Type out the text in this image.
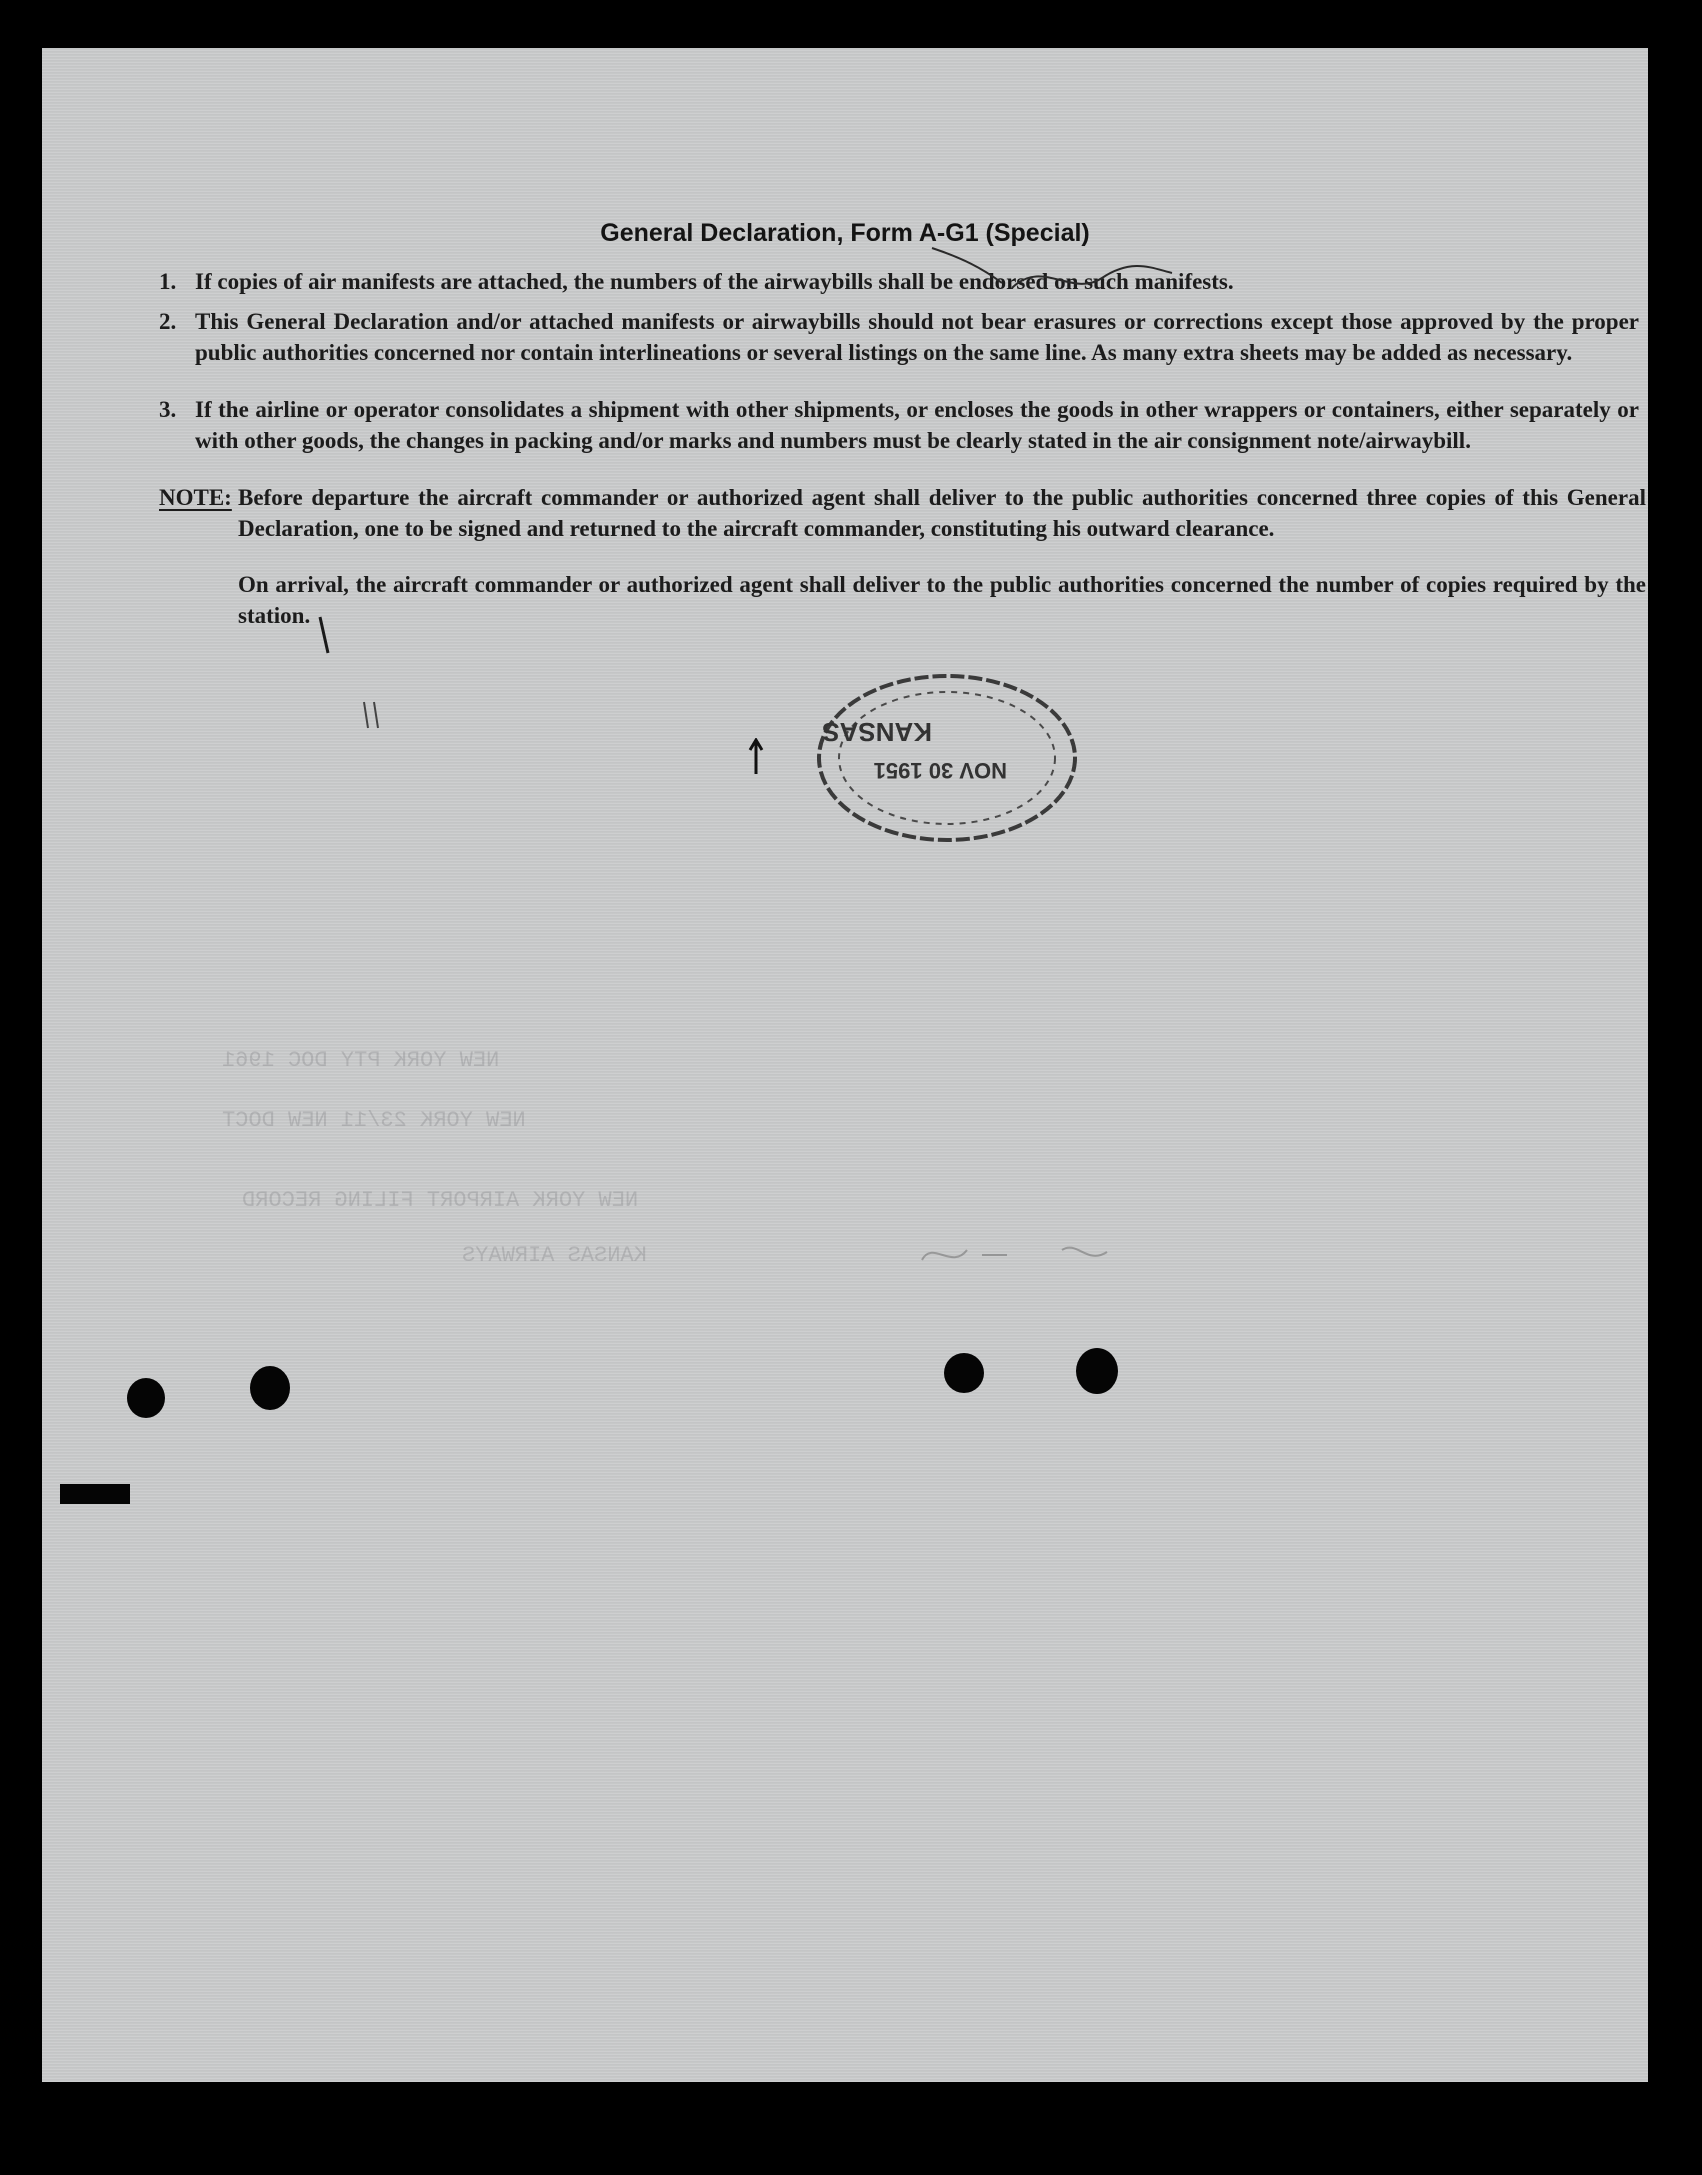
NEW YORK PTY DOC 1961
NEW YORK 23/11 NEW DOCT
NEW YORK AIRPORT FILING RECORD
KANSAS AIRWAYS
General Declaration, Form A-G1 (Special)
1. If copies of air manifests are attached, the numbers of the airwaybills shall be endorsed on such manifests.
2. This General Declaration and/or attached manifests or airwaybills should not bear erasures or corrections except those approved by the proper public authorities concerned nor contain interlineations or several listings on the same line. As many extra sheets may be added as necessary.
3. If the airline or operator consolidates a shipment with other shipments, or encloses the goods in other wrappers or containers, either separately or with other goods, the changes in packing and/or marks and numbers must be clearly stated in the air consignment note/airwaybill.
NOTE: Before departure the aircraft commander or authorized agent shall deliver to the public authorities concerned three copies of this General Declaration, one to be signed and returned to the aircraft commander, constituting his outward clearance.
On arrival, the aircraft commander or authorized agent shall deliver to the public authorities concerned the number of copies required by the station.
NOV 30 1951
KANSAS
